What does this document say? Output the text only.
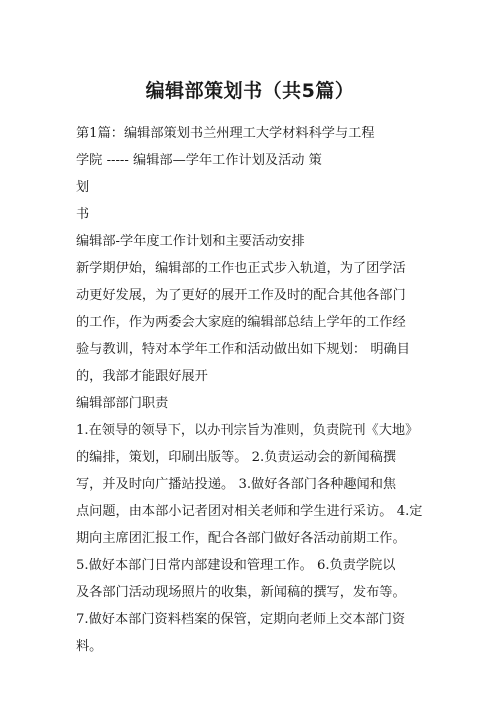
编辑部策划书（共5篇）
第1篇：编辑部策划书兰州理工大学材料科学与工程
学院 ----- 编辑部—学年工作计划及活动 策
划
书
编辑部-学年度工作计划和主要活动安排
新学期伊始，编辑部的工作也正式步入轨道，为了团学活
动更好发展，为了更好的展开工作及时的配合其他各部门
的工作，作为两委会大家庭的编辑部总结上学年的工作经
验与教训，特对本学年工作和活动做出如下规划： 明确目
的，我部才能跟好展开
编辑部部门职责
1.在领导的领导下，以办刊宗旨为准则，负责院刊《大地》
的编排，策划，印刷出版等。 2.负责运动会的新闻稿撰
写，并及时向广播站投递。 3.做好各部门各种趣闻和焦
点问题，由本部小记者团对相关老师和学生进行采访。 4.定
期向主席团汇报工作，配合各部门做好各活动前期工作。
5.做好本部门日常内部建设和管理工作。 6.负责学院以
及各部门活动现场照片的收集，新闻稿的撰写，发布等。
7.做好本部门资料档案的保管，定期向老师上交本部门资
料。
